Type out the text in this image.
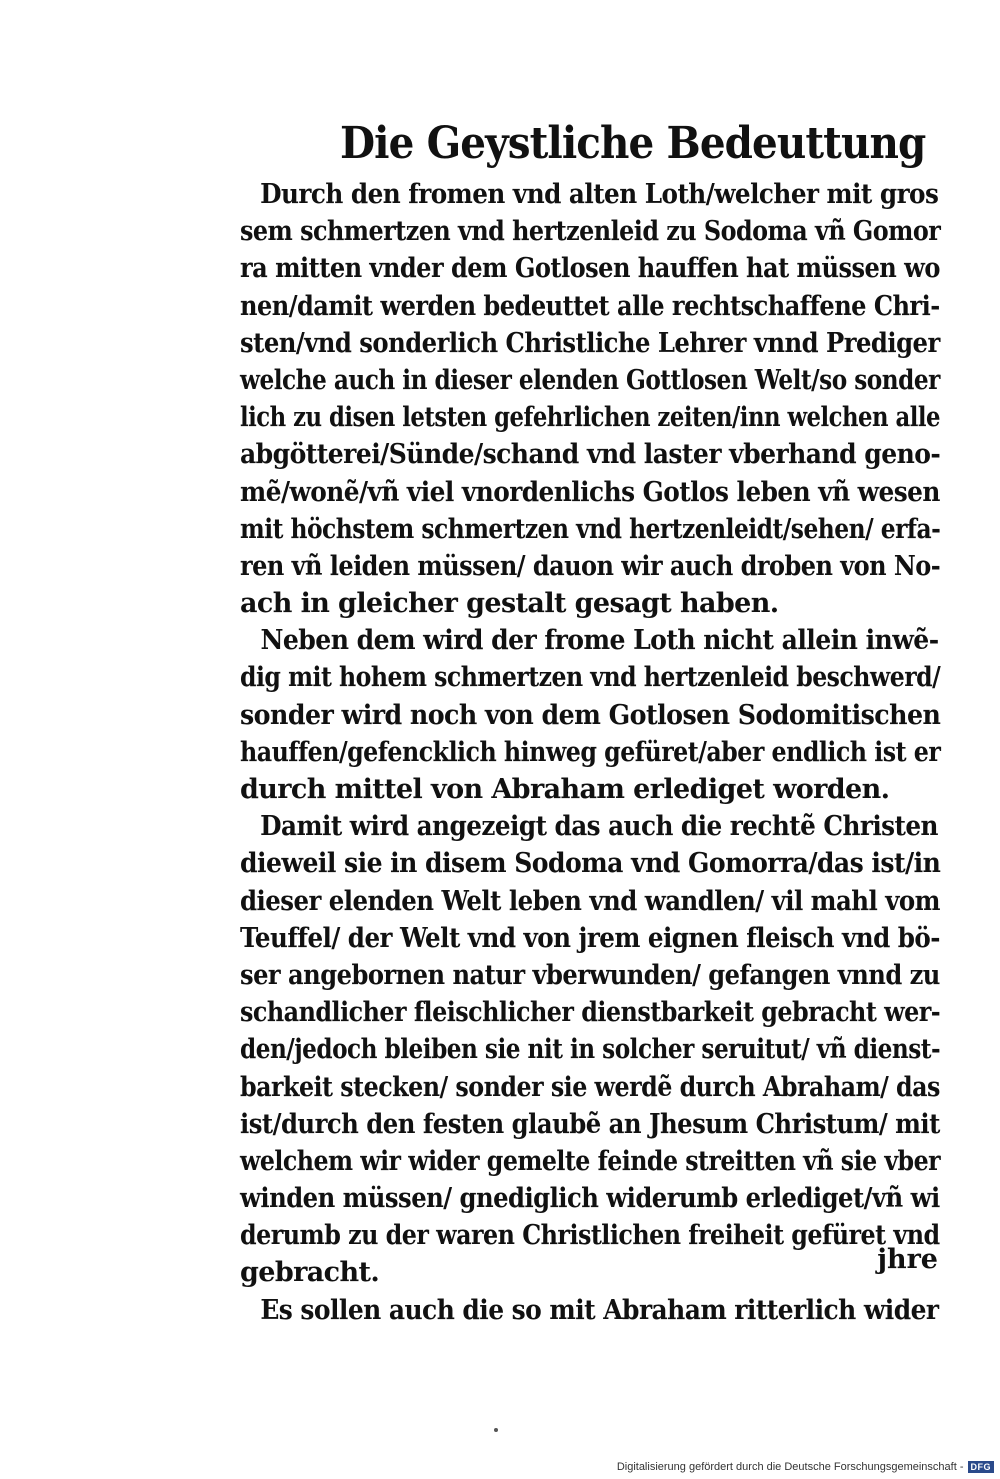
Die Geystliche Bedeuttung
Durch den fromen vnd alten Loth/welcher mit gros
sem schmertzen vnd hertzenleid zu Sodoma vñ Gomor
ra mitten vnder dem Gotlosen hauffen hat müssen wo
nen/damit werden bedeuttet alle rechtschaffene Chri-
sten/vnd sonderlich Christliche Lehrer vnnd Prediger
welche auch in dieser elenden Gottlosen Welt/so sonder
lich zu disen letsten gefehrlichen zeiten/inn welchen alle
abgötterei/Sünde/schand vnd laster vberhand geno-
mẽ/wonẽ/vñ viel vnordenlichs Gotlos leben vñ wesen
mit höchstem schmertzen vnd hertzenleidt/sehen/ erfa-
ren vñ leiden müssen/ dauon wir auch droben von No-
ach in gleicher gestalt gesagt haben.
Neben dem wird der frome Loth nicht allein inwẽ-
dig mit hohem schmertzen vnd hertzenleid beschwerd/
sonder wird noch von dem Gotlosen Sodomitischen
hauffen/gefencklich hinweg gefüret/aber endlich ist er
durch mittel von Abraham erlediget worden.
Damit wird angezeigt das auch die rechtẽ Christen
dieweil sie in disem Sodoma vnd Gomorra/das ist/in
dieser elenden Welt leben vnd wandlen/ vil mahl vom
Teuffel/ der Welt vnd von jrem eignen fleisch vnd bö-
ser angebornen natur vberwunden/ gefangen vnnd zu
schandlicher fleischlicher dienstbarkeit gebracht wer-
den/jedoch bleiben sie nit in solcher seruitut/ vñ dienst-
barkeit stecken/ sonder sie werdẽ durch Abraham/ das
ist/durch den festen glaubẽ an Jhesum Christum/ mit
welchem wir wider gemelte feinde streitten vñ sie vber
winden müssen/ gnediglich widerumb erlediget/vñ wi
derumb zu der waren Christlichen freiheit gefüret vnd
gebracht.
Es sollen auch die so mit Abraham ritterlich wider
jhre
Digitalisierung gefördert durch die Deutsche Forschungsgemeinschaft - DFG
